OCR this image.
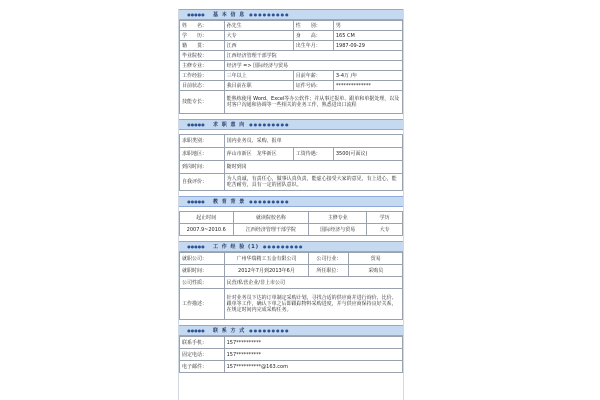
●●●●●	基 本 信 息 ●●●●●●●●●
姓　　名：	孙先生	性　　别：	男
学　　历：	大专	身　　高：	165 CM
籍　　贯：	江西	出生年月：	1987-09-29
毕业院校：	江西经济管理干部学院		
主修专业：	经济学 => 国际经济与贸易		
工作经验：	三年以上	目前年薪：	3-4万 /年
目前状态：	我目前在职	证件号码：	**************
技能专长：	能熟练使用 Word、Excel等办公软件；并从事过报单、跟单和单据处理，以及对客户沟通和协调等一些相关的业务工作，熟悉进出口流程		
●●●●●	求 职 意 向 ●●●●●●●●●
求职类别：	国内业务员、采购、报单		
求职地区：	萍山市新区　龙华新区	工资待遇：	3500(可面议)
到岗时间：	随时到岗		
自我评价：	为人真诚，有责任心，做事认真负责，能虚心接受大家的意见，有上进心，能吃苦耐劳，具有一定的团队意识。		
●●●●●	教 育 背 景 ●●●●●●●●●
起止时间	就读院校名称	主修专业	学历
2007.9~2010.6	江西经济管理干部学院	国际经济与贸易	大专
●●●●●	工 作 经 验 (1) ●●●●●●●●●
就职公司：	广州华瑞精工五金有限公司	公司行业：	贸易
就职时间：	2012年7月到2013年6月	所任职位：	采购员
公司性质：	民营/私营企业/非上市公司		
工作描述：	针对业务员下达的订单制定采购计划，寻找合适的供应商并进行询价、比价、跟单等工作，确认下单之后即跟踪物料采购进度，并与供应商保持良好关系，在规定时间内完成采购任务。		
●●●●●	联 系 方 式 ●●●●●●●●●
联系手机：	157**********
固定电话：	157**********
电子邮件：	157**********@163.com
